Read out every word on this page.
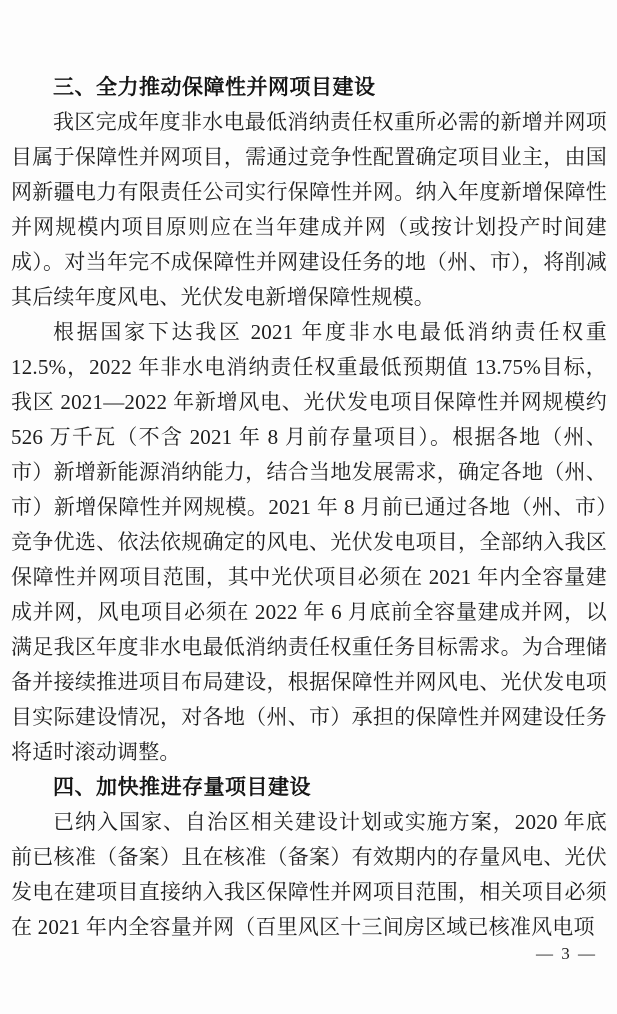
三、全力推动保障性并网项目建设

我区完成年度非水电最低消纳责任权重所必需的新增并网项目属于保障性并网项目，需通过竞争性配置确定项目业主，由国网新疆电力有限责任公司实行保障性并网。纳入年度新增保障性并网规模内项目原则应在当年建成并网（或按计划投产时间建成）。对当年完不成保障性并网建设任务的地（州、市），将削减其后续年度风电、光伏发电新增保障性规模。

根据国家下达我区 2021 年度非水电最低消纳责任权重 12.5%，2022 年非水电消纳责任权重最低预期值 13.75%目标，我区 2021—2022 年新增风电、光伏发电项目保障性并网规模约 526 万千瓦（不含 2021 年 8 月前存量项目）。根据各地（州、市）新增新能源消纳能力，结合当地发展需求，确定各地（州、市）新增保障性并网规模。2021 年 8 月前已通过各地（州、市）竞争优选、依法依规确定的风电、光伏发电项目，全部纳入我区保障性并网项目范围，其中光伏项目必须在 2021 年内全容量建成并网，风电项目必须在 2022 年 6 月底前全容量建成并网，以满足我区年度非水电最低消纳责任权重任务目标需求。为合理储备并接续推进项目布局建设，根据保障性并网风电、光伏发电项目实际建设情况，对各地（州、市）承担的保障性并网建设任务将适时滚动调整。

四、加快推进存量项目建设

已纳入国家、自治区相关建设计划或实施方案，2020 年底前已核准（备案）且在核准（备案）有效期内的存量风电、光伏发电在建项目直接纳入我区保障性并网项目范围，相关项目必须在 2021 年内全容量并网（百里风区十三间房区域已核准风电项

— 3 —
